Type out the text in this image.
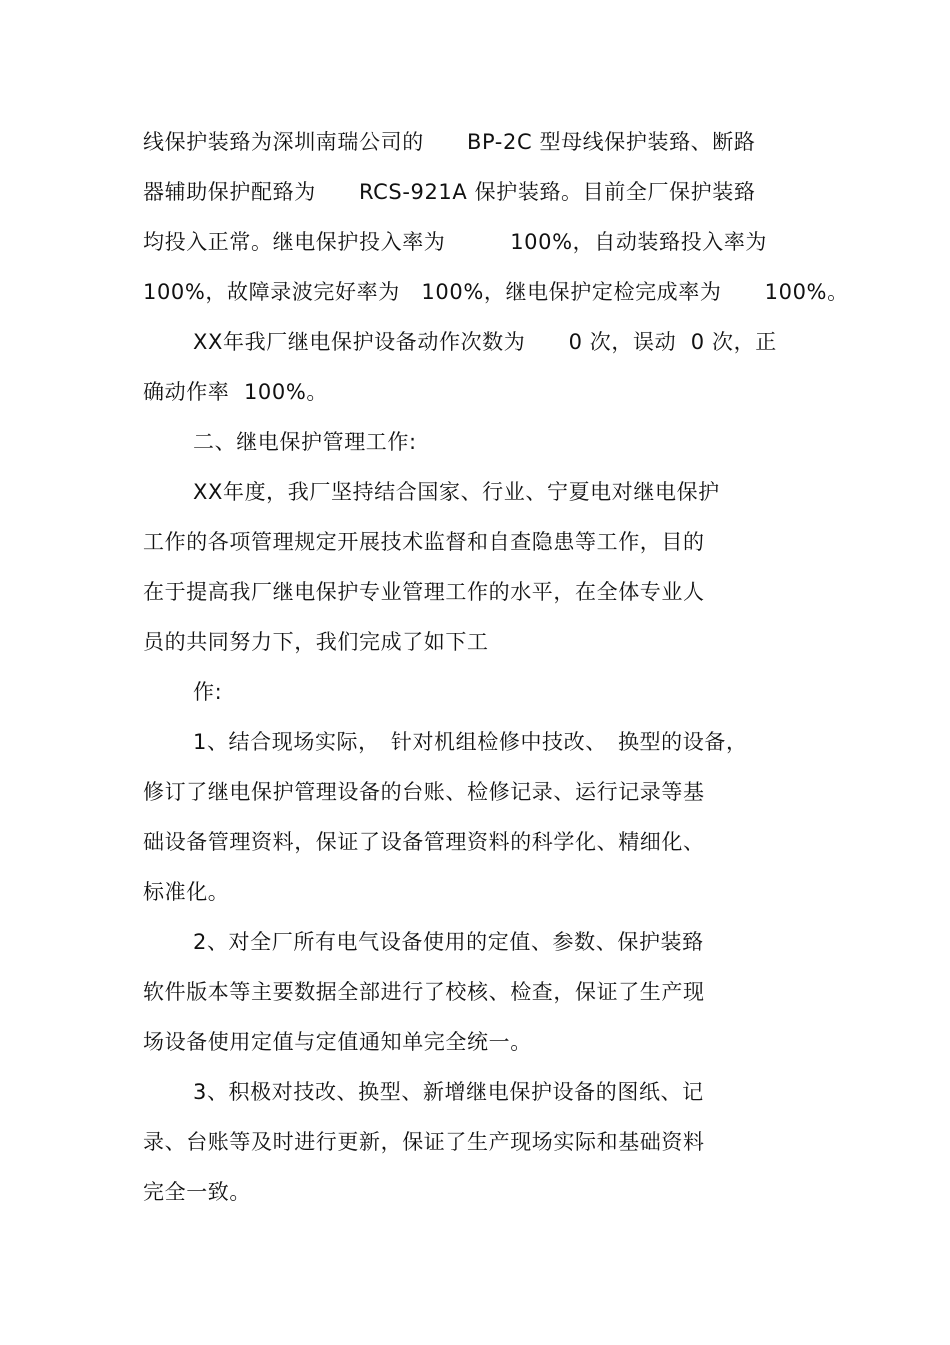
线保护装臵为深圳南瑞公司的　　BP-2C 型母线保护装臵、断路
器辅助保护配臵为　　RCS-921A 保护装臵。目前全厂保护装臵
均投入正常。继电保护投入率为　　　100%，自动装臵投入率为
100%，故障录波完好率为　100%，继电保护定检完成率为　　100%。
XX年我厂继电保护设备动作次数为　　0 次，误动  0 次，正
确动作率  100%。
二、继电保护管理工作:
XX年度，我厂坚持结合国家、行业、宁夏电对继电保护
工作的各项管理规定开展技术监督和自查隐患等工作，目的
在于提高我厂继电保护专业管理工作的水平，在全体专业人
员的共同努力下，我们完成了如下工
作:
1、结合现场实际，　针对机组检修中技改、　换型的设备，
修订了继电保护管理设备的台账、检修记录、运行记录等基
础设备管理资料，保证了设备管理资料的科学化、精细化、
标准化。
2、对全厂所有电气设备使用的定值、参数、保护装臵
软件版本等主要数据全部进行了校核、检查，保证了生产现
场设备使用定值与定值通知单完全统一。
3、积极对技改、换型、新增继电保护设备的图纸、记
录、台账等及时进行更新，保证了生产现场实际和基础资料
完全一致。
